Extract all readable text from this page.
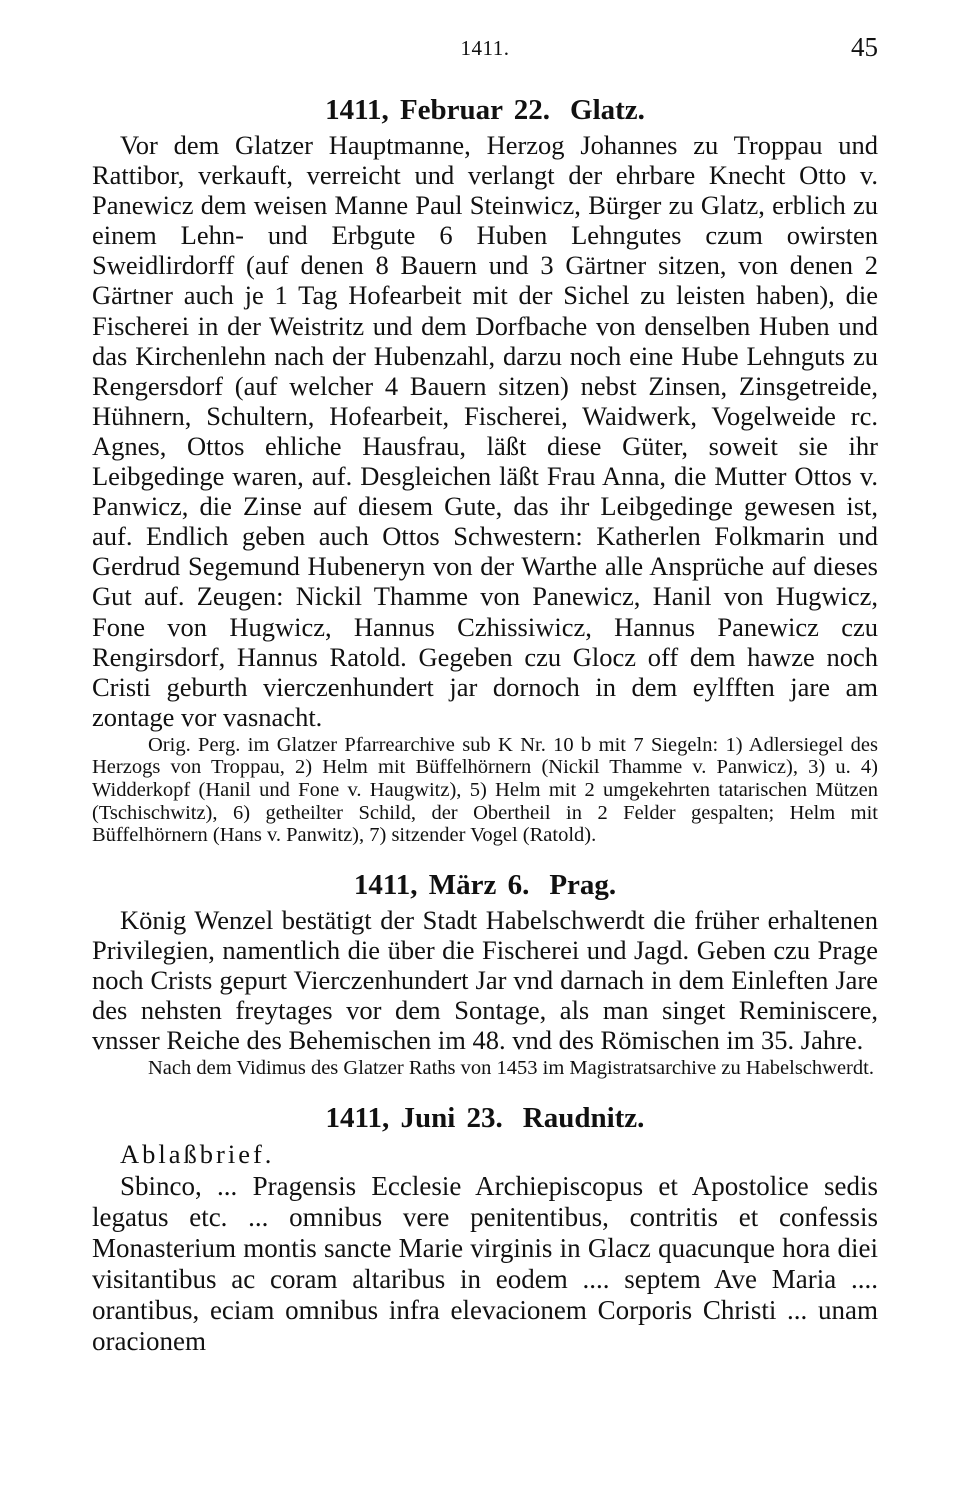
1411.	45
1411, Februar 22. Glatz.

Vor dem Glatzer Hauptmanne, Herzog Johannes zu Troppau und Rattibor, verkauft, verreicht und verlangt der ehrbare Knecht Otto v. Panewicz dem weisen Manne Paul Steinwicz, Bürger zu Glatz, erblich zu einem Lehn- und Erbgute 6 Huben Lehngutes czum owirsten Sweidlirdorff (auf denen 8 Bauern und 3 Gärtner sitzen, von denen 2 Gärtner auch je 1 Tag Hofearbeit mit der Sichel zu leisten haben), die Fischerei in der Weistritz und dem Dorfbache von denselben Huben und das Kirchenlehn nach der Hubenzahl, darzu noch eine Hube Lehnguts zu Rengersdorf (auf welcher 4 Bauern sitzen) nebst Zinsen, Zinsgetreide, Hühnern, Schultern, Hofearbeit, Fischerei, Waidwerk, Vogelweide rc. Agnes, Ottos ehliche Hausfrau, läßt diese Güter, soweit sie ihr Leibgedinge waren, auf. Desgleichen läßt Frau Anna, die Mutter Ottos v. Panwicz, die Zinse auf diesem Gute, das ihr Leibgedinge gewesen ist, auf. Endlich geben auch Ottos Schwestern: Katherlen Folkmarin und Gerdrud Segemund Hubeneryn von der Warthe alle Ansprüche auf dieses Gut auf. Zeugen: Nickil Thamme von Panewicz, Hanil von Hugwicz, Fone von Hugwicz, Hannus Czhissiwicz, Hannus Panewicz czu Rengirsdorf, Hannus Ratold. Gegeben czu Glocz off dem hawze noch Cristi geburth vierczenhundert jar dornoch in dem eylfften jare am zontage vor vasnacht.

Orig. Perg. im Glatzer Pfarrearchive sub K Nr. 10 b mit 7 Siegeln: 1) Adlersiegel des Herzogs von Troppau, 2) Helm mit Büffelhörnern (Nickil Thamme v. Panwicz), 3) u. 4) Widderkopf (Hanil und Fone v. Haugwitz), 5) Helm mit 2 umgekehrten tatarischen Mützen (Tschischwitz), 6) getheilter Schild, der Obertheil in 2 Felder gespalten; Helm mit Büffelhörnern (Hans v. Panwitz), 7) sitzender Vogel (Ratold).

1411, März 6. Prag.

König Wenzel bestätigt der Stadt Habelschwerdt die früher erhaltenen Privilegien, namentlich die über die Fischerei und Jagd. Geben czu Prage noch Crists gepurt Vierczenhundert Jar vnd darnach in dem Einleften Jare des nehsten freytages vor dem Sontage, als man singet Reminiscere, vnsser Reiche des Behemischen im 48. vnd des Römischen im 35. Jahre.

Nach dem Vidimus des Glatzer Raths von 1453 im Magistratsarchive zu Habelschwerdt.

1411, Juni 23. Raudnitz.

Ablaßbrief.

Sbinco, ... Pragensis Ecclesie Archiepiscopus et Apostolice sedis legatus etc. ... omnibus vere penitentibus, contritis et confessis Monasterium montis sancte Marie virginis in Glacz quacunque hora diei visitantibus ac coram altaribus in eodem .... septem Ave Maria .... orantibus, eciam omnibus infra elevacionem Corporis Christi ... unam oracionem
